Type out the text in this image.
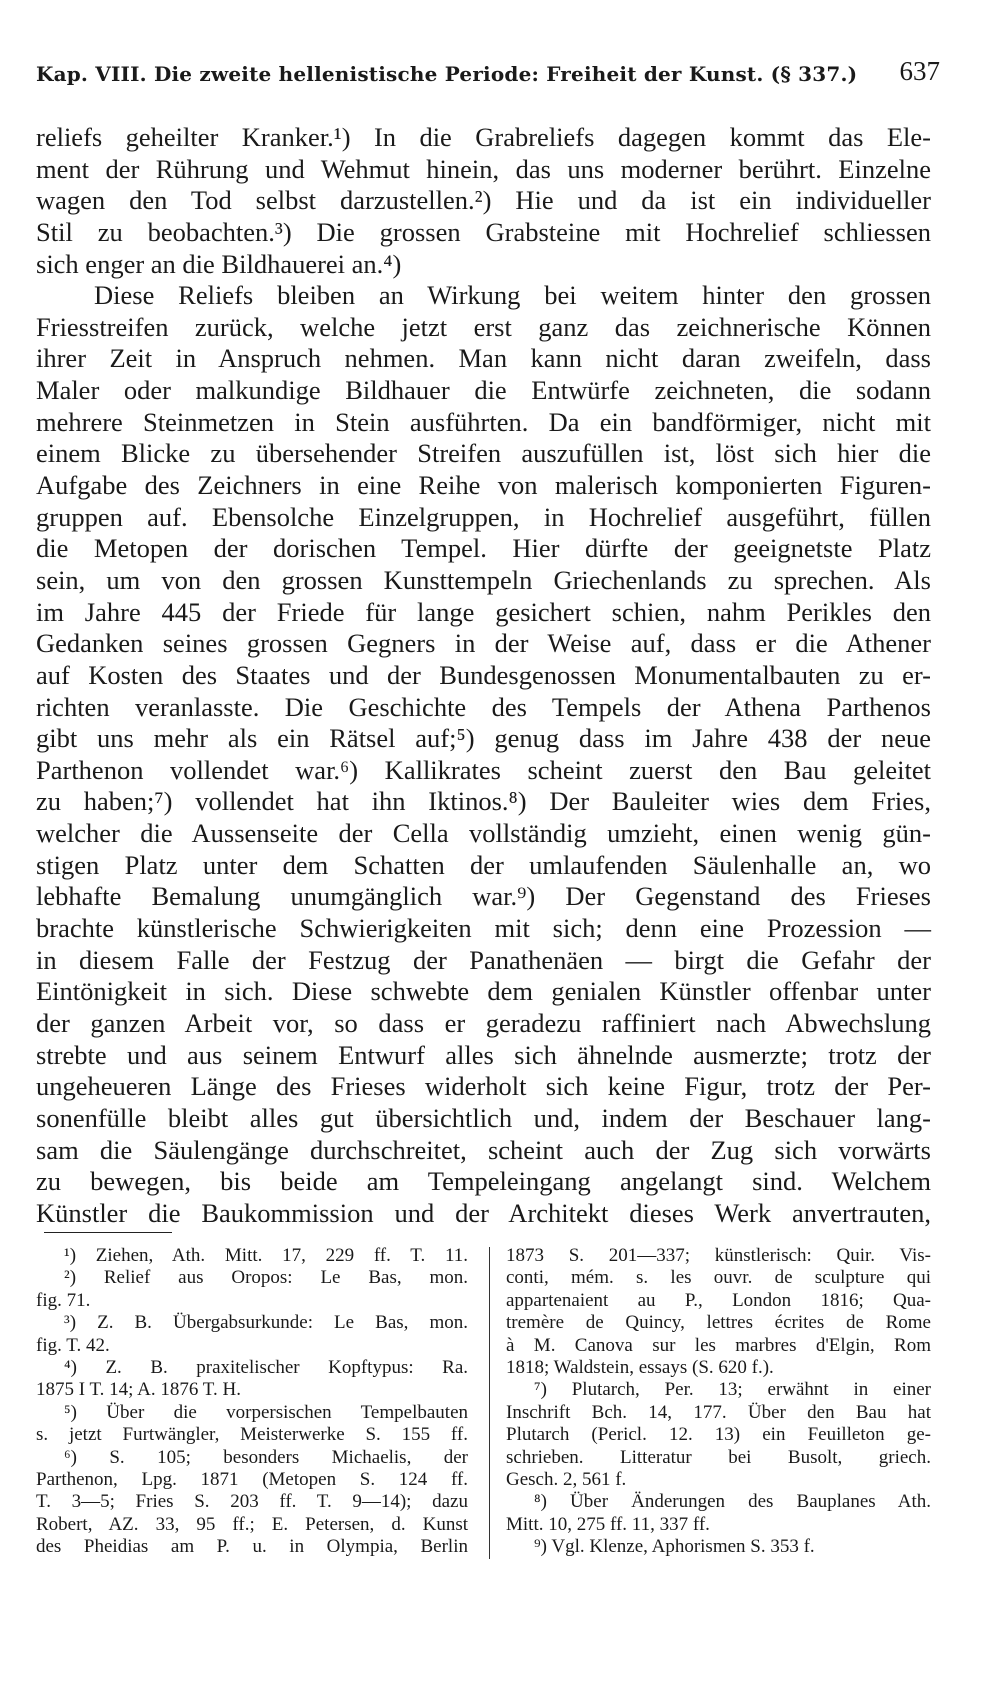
Kap. VIII. Die zweite hellenistische Periode: Freiheit der Kunst. (§ 337.) 637
reliefs geheilter Kranker.¹) In die Grabreliefs dagegen kommt das Ele-
ment der Rührung und Wehmut hinein, das uns moderner berührt. Einzelne
wagen den Tod selbst darzustellen.²) Hie und da ist ein individueller
Stil zu beobachten.³) Die grossen Grabsteine mit Hochrelief schliessen
sich enger an die Bildhauerei an.⁴)
Diese Reliefs bleiben an Wirkung bei weitem hinter den grossen
Friesstreifen zurück, welche jetzt erst ganz das zeichnerische Können
ihrer Zeit in Anspruch nehmen. Man kann nicht daran zweifeln, dass
Maler oder malkundige Bildhauer die Entwürfe zeichneten, die sodann
mehrere Steinmetzen in Stein ausführten. Da ein bandförmiger, nicht mit
einem Blicke zu übersehender Streifen auszufüllen ist, löst sich hier die
Aufgabe des Zeichners in eine Reihe von malerisch komponierten Figuren-
gruppen auf. Ebensolche Einzelgruppen, in Hochrelief ausgeführt, füllen
die Metopen der dorischen Tempel. Hier dürfte der geeignetste Platz
sein, um von den grossen Kunsttempeln Griechenlands zu sprechen. Als
im Jahre 445 der Friede für lange gesichert schien, nahm Perikles den
Gedanken seines grossen Gegners in der Weise auf, dass er die Athener
auf Kosten des Staates und der Bundesgenossen Monumentalbauten zu er-
richten veranlasste. Die Geschichte des Tempels der Athena Parthenos
gibt uns mehr als ein Rätsel auf;⁵) genug dass im Jahre 438 der neue
Parthenon vollendet war.⁶) Kallikrates scheint zuerst den Bau geleitet
zu haben;⁷) vollendet hat ihn Iktinos.⁸) Der Bauleiter wies dem Fries,
welcher die Aussenseite der Cella vollständig umzieht, einen wenig gün-
stigen Platz unter dem Schatten der umlaufenden Säulenhalle an, wo
lebhafte Bemalung unumgänglich war.⁹) Der Gegenstand des Frieses
brachte künstlerische Schwierigkeiten mit sich; denn eine Prozession —
in diesem Falle der Festzug der Panathenäen — birgt die Gefahr der
Eintönigkeit in sich. Diese schwebte dem genialen Künstler offenbar unter
der ganzen Arbeit vor, so dass er geradezu raffiniert nach Abwechslung
strebte und aus seinem Entwurf alles sich ähnelnde ausmerzte; trotz der
ungeheueren Länge des Frieses widerholt sich keine Figur, trotz der Per-
sonenfülle bleibt alles gut übersichtlich und, indem der Beschauer lang-
sam die Säulengänge durchschreitet, scheint auch der Zug sich vorwärts
zu bewegen, bis beide am Tempeleingang angelangt sind. Welchem
Künstler die Baukommission und der Architekt dieses Werk anvertrauten,
¹) Ziehen, Ath. Mitt. 17, 229 ff. T. 11.
²) Relief aus Oropos: Le Bas, mon.
fig. 71.
³) Z. B. Übergabsurkunde: Le Bas, mon.
fig. T. 42.
⁴) Z. B. praxitelischer Kopftypus: Ra.
1875 I T. 14; A. 1876 T. H.
⁵) Über die vorpersischen Tempelbauten
s. jetzt Furtwängler, Meisterwerke S. 155 ff.
⁶) S. 105; besonders Michaelis, der
Parthenon, Lpg. 1871 (Metopen S. 124 ff.
T. 3—5; Fries S. 203 ff. T. 9—14); dazu
Robert, AZ. 33, 95 ff.; E. Petersen, d. Kunst
des Pheidias am P. u. in Olympia, Berlin
1873 S. 201—337; künstlerisch: Quir. Vis-
conti, mém. s. les ouvr. de sculpture qui
appartenaient au P., London 1816; Qua-
tremère de Quincy, lettres écrites de Rome
à M. Canova sur les marbres d'Elgin, Rom
1818; Waldstein, essays (S. 620 f.).
⁷) Plutarch, Per. 13; erwähnt in einer
Inschrift Bch. 14, 177. Über den Bau hat
Plutarch (Pericl. 12. 13) ein Feuilleton ge-
schrieben. Litteratur bei Busolt, griech.
Gesch. 2, 561 f.
⁸) Über Änderungen des Bauplanes Ath.
Mitt. 10, 275 ff. 11, 337 ff.
⁹) Vgl. Klenze, Aphorismen S. 353 f.
